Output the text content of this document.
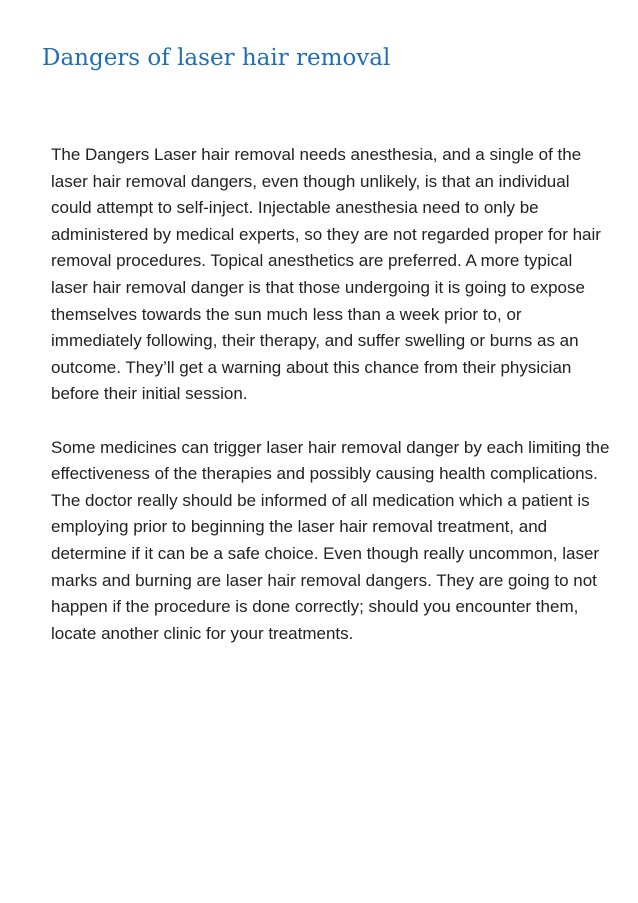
Dangers of laser hair removal

The Dangers Laser hair removal needs anesthesia, and a single of the laser hair removal dangers, even though unlikely, is that an individual could attempt to self-inject. Injectable anesthesia need to only be administered by medical experts, so they are not regarded proper for hair removal procedures. Topical anesthetics are preferred. A more typical laser hair removal danger is that those undergoing it is going to expose themselves towards the sun much less than a week prior to, or immediately following, their therapy, and suffer swelling or burns as an outcome. They’ll get a warning about this chance from their physician before their initial session.

Some medicines can trigger laser hair removal danger by each limiting the effectiveness of the therapies and possibly causing health complications. The doctor really should be informed of all medication which a patient is employing prior to beginning the laser hair removal treatment, and determine if it can be a safe choice. Even though really uncommon, laser marks and burning are laser hair removal dangers. They are going to not happen if the procedure is done correctly; should you encounter them, locate another clinic for your treatments.
